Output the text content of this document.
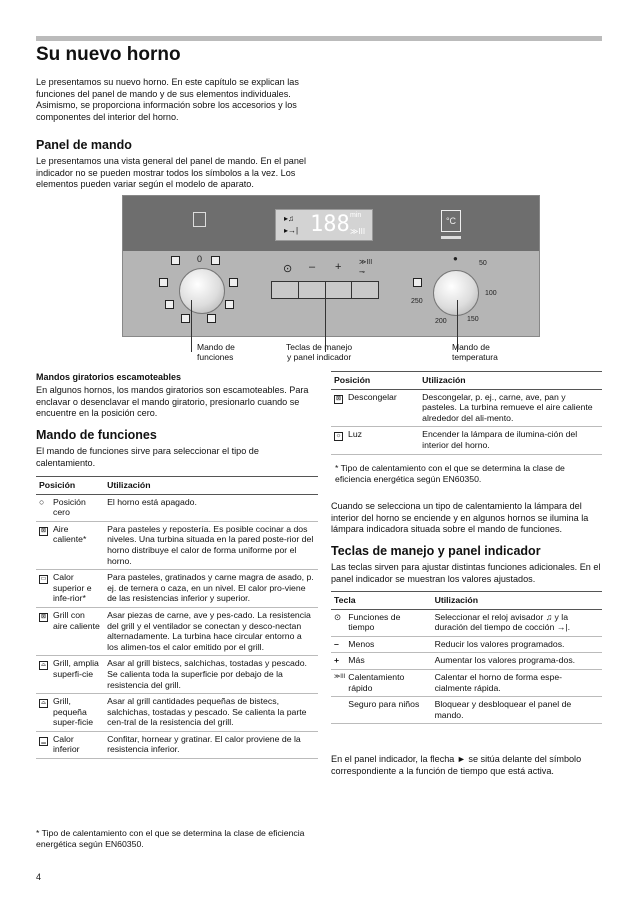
Su nuevo horno

Le presentamos su nuevo horno. En este capítulo se explican las funciones del panel de mando y de sus elementos individuales. Asimismo, se proporciona información sobre los accesorios y los componentes del interior del horno.

Panel de mando

Le presentamos una vista general del panel de mando. En el panel indicador no se pueden mostrar todos los símbolos a la vez. Los elementos pueden variar según el modelo de aparato.

▸♫
▸→| 188 min
≫III
°C
0
⊙ – +	≫III
⊸
●
50
100
150
200
250
Mando de
funciones
Teclas de manejo
y panel indicador
Mando de
temperatura
Mandos giratorios escamoteables

En algunos hornos, los mandos giratorios son escamoteables. Para enclavar o desenclavar el mando giratorio, presionarlo cuando se encuentre en la posición cero.

Mando de funciones

El mando de funciones sirve para seleccionar el tipo de calentamiento.

Posición		Utilización
○	Posición cero	El horno está apagado.
⊠	Aire caliente*	Para pasteles y repostería. Es posible cocinar a dos niveles. Una turbina situada en la pared poste-rior del horno distribuye el calor de forma uniforme por el horno.
▭	Calor superior e infe-rior*	Para pasteles, gratinados y carne magra de asado, p. ej. de ternera o caza, en un nivel. El calor pro-viene de las resistencias inferior y superior.
⊠	Grill con aire caliente	Asar piezas de carne, ave y pes-cado. La resistencia del grill y el ventilador se conectan y desco-nectan alternadamente. La turbina hace circular entorno a los alimen-tos el calor emitido por el grill.
⌓	Grill, amplia superfi-cie	Asar al grill bistecs, salchichas, tostadas y pescado. Se calienta toda la superficie por debajo de la resistencia del grill.
⌓	Grill, pequeña super-ficie	Asar al grill cantidades pequeñas de bistecs, salchichas, tostadas y pescado. Se calienta la parte cen-tral de la resistencia del grill.
▁	Calor inferior	Confitar, hornear y gratinar. El calor proviene de la resistencia inferior.

* Tipo de calentamiento con el que se determina la clase de eficiencia energética según EN60350.

Posición		Utilización
⊠	Descongelar	Descongelar, p. ej., carne, ave, pan y pasteles. La turbina remueve el aire caliente alrededor del ali-mento.
☼	Luz	Encender la lámpara de ilumina-ción del interior del horno.

* Tipo de calentamiento con el que se determina la clase de eficiencia energética según EN60350.

Cuando se selecciona un tipo de calentamiento la lámpara del interior del horno se enciende y en algunos hornos se ilumina la lámpara indicadora situada sobre el mando de funciones.

Teclas de manejo y panel indicador

Las teclas sirven para ajustar distintas funciones adicionales. En el panel indicador se muestran los valores ajustados.

Tecla		Utilización
⊙	Funciones de tiempo	Seleccionar el reloj avisador ♫ y la duración del tiempo de cocción →|.
–	Menos	Reducir los valores programados.
+	Más	Aumentar los valores programa-dos.
≫III	Calentamiento rápido	Calentar el horno de forma espe-cialmente rápida.
	Seguro para niños	Bloquear y desbloquear el panel de mando.

En el panel indicador, la flecha ► se sitúa delante del símbolo correspondiente a la función de tiempo que está activa.

4
